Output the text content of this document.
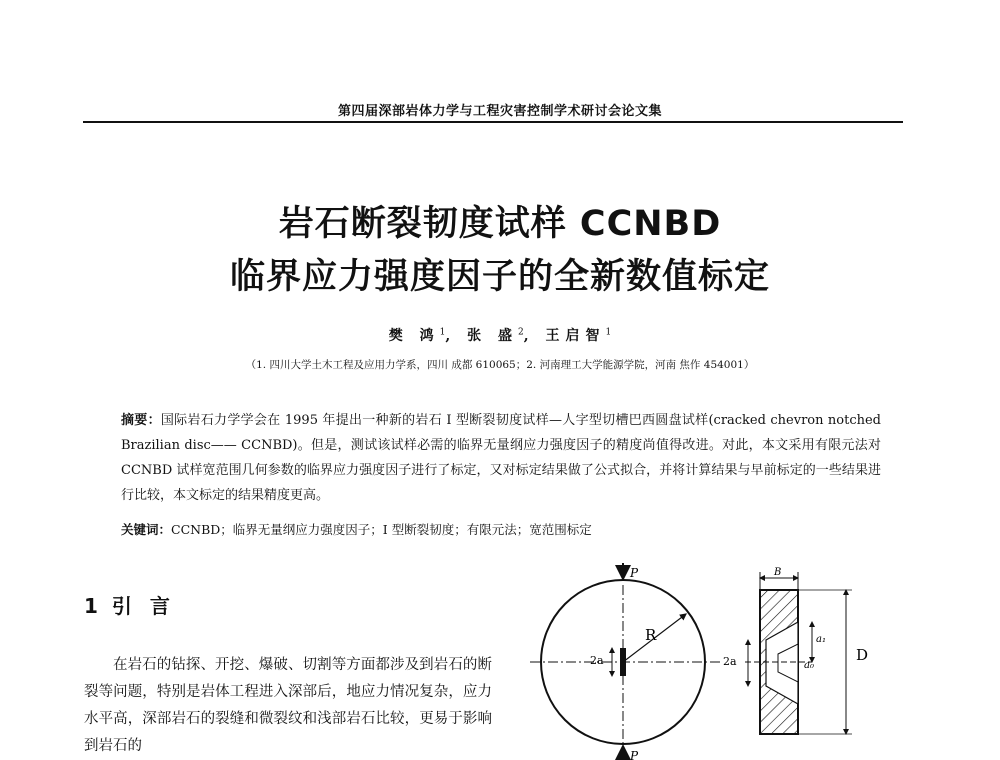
第四届深部岩体力学与工程灾害控制学术研讨会论文集
岩石断裂韧度试样 CCNBD
临界应力强度因子的全新数值标定
樊 鸿$^1$, 张 盛$^2$, 王启智$^1$
（1. 四川大学土木工程及应用力学系，四川 成都 610065；2. 河南理工大学能源学院，河南 焦作 454001）
摘要：国际岩石力学学会在 1995 年提出一种新的岩石 I 型断裂韧度试样—人字型切槽巴西圆盘试样(cracked chevron notched Brazilian disc—— CCNBD)。但是，测试该试样必需的临界无量纲应力强度因子的精度尚值得改进。对此，本文采用有限元法对 CCNBD 试样宽范围几何参数的临界应力强度因子进行了标定，又对标定结果做了公式拟合，并将计算结果与早前标定的一些结果进行比较，本文标定的结果精度更高。
关键词：CCNBD；临界无量纲应力强度因子；I 型断裂韧度；有限元法；宽范围标定
1 引言
在岩石的钻探、开挖、爆破、切割等方面都涉及到岩石的断裂等问题，特别是岩体工程进入深部后，地应力情况复杂，应力水平高，深部岩石的裂缝和微裂纹和浅部岩石比较，更易于影响到岩石的
2a
R
P
P
B
2a
a₁
a₀
D
